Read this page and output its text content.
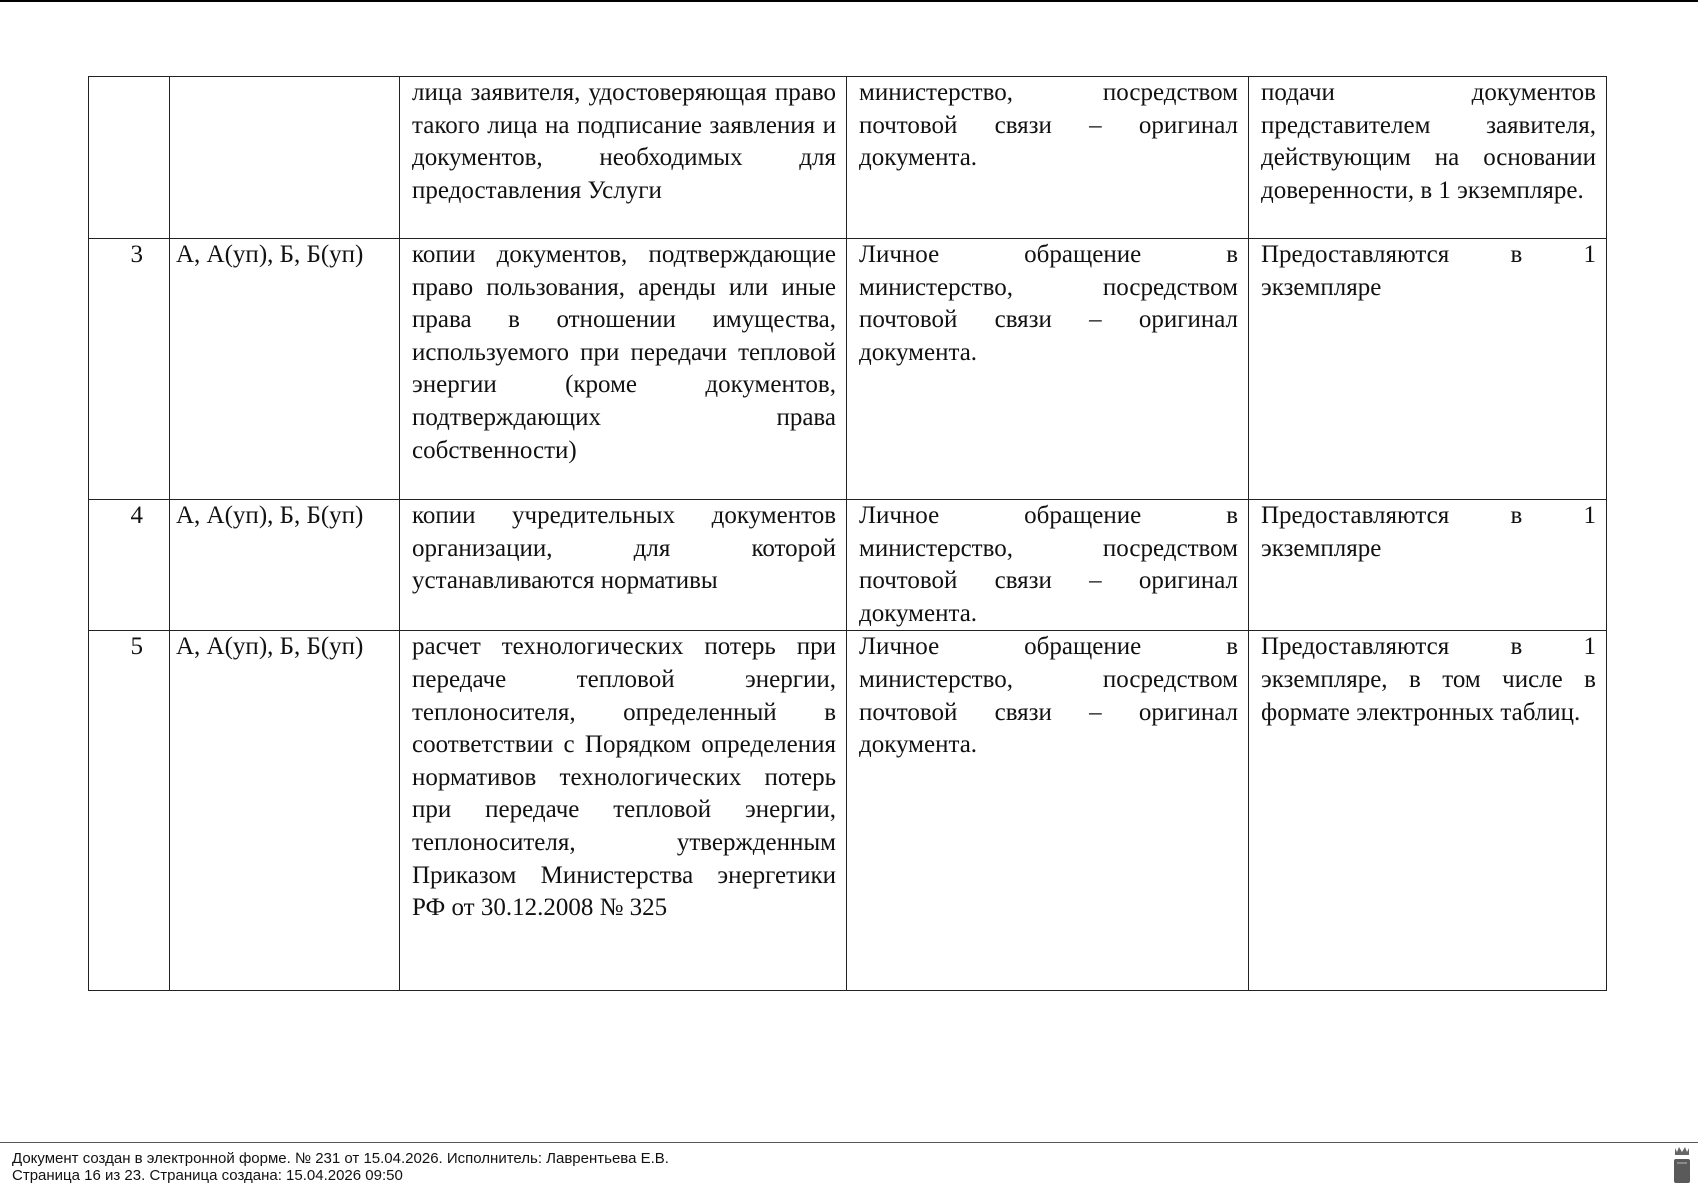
		лица заявителя, удостоверяющая право такого лица на подписание заявления и документов, необходимых для предоставления Услуги	министерство, посредством почтовой связи – оригинал документа.	подачи документов представителем заявителя, действующим на основании доверенности, в 1 экземпляре.
3	А, А(уп), Б, Б(уп)	копии документов, подтверждающие право пользования, аренды или иные права в отношении имущества, используемого при передачи тепловой энергии (кроме документов, подтверждающих права собственности)	Личное обращение в министерство, посредством почтовой связи – оригинал документа.	Предоставляются в 1 экземпляре
4	А, А(уп), Б, Б(уп)	копии учредительных документов организации, для которой устанавливаются нормативы	Личное обращение в министерство, посредством почтовой связи – оригинал документа.	Предоставляются в 1 экземпляре
5	А, А(уп), Б, Б(уп)	расчет технологических потерь при передаче тепловой энергии, теплоносителя, определенный в соответствии с Порядком определения нормативов технологических потерь при передаче тепловой энергии, теплоносителя, утвержденным Приказом Министерства энергетики РФ от 30.12.2008 № 325	Личное обращение в министерство, посредством почтовой связи – оригинал документа.	Предоставляются в 1 экземпляре, в том числе в формате электронных таблиц.
Документ создан в электронной форме. № 231 от 15.04.2026. Исполнитель: Лаврентьева Е.В.
Страница 16 из 23. Страница создана: 15.04.2026 09:50
